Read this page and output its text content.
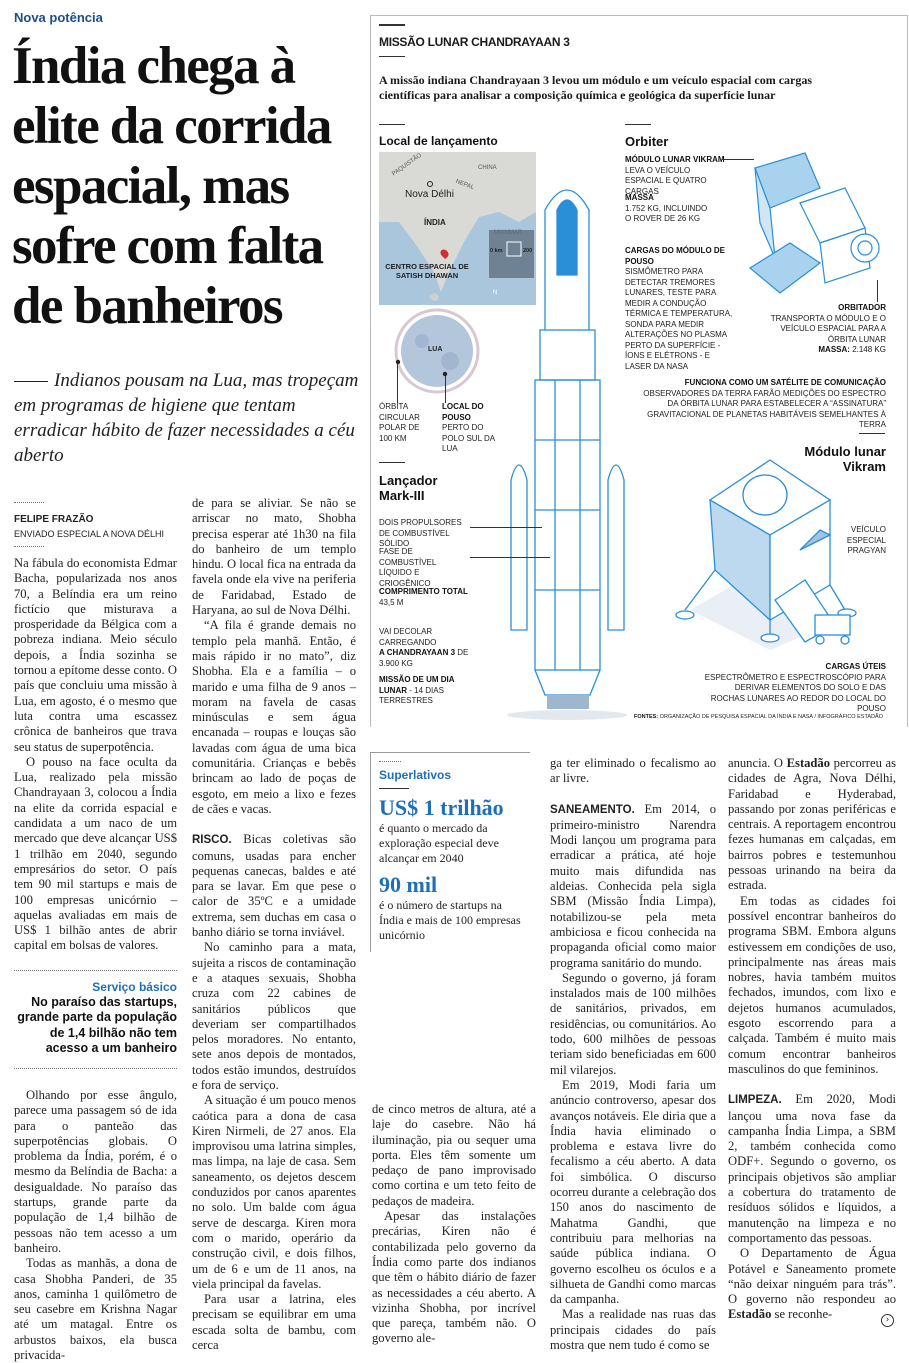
Nova potência
Índia chega à
elite da corrida
espacial, mas
sofre com falta
de banheiros
Indianos pousam na Lua, mas tropeçam em programas de higiene que tentam erradicar hábito de fazer necessidades a céu aberto
FELIPE FRAZÃO
ENVIADO ESPECIAL A NOVA DÉLHI

Na fábula do economista Edmar Bacha, popularizada nos anos 70, a Belíndia era um reino fictício que misturava a prosperidade da Bélgica com a pobreza indiana. Meio século depois, a Índia sozinha se tornou a epítome desse conto. O país que concluiu uma missão à Lua, em agosto, é o mesmo que luta contra uma escassez crônica de banheiros que trava seu status de superpotência.

O pouso na face oculta da Lua, realizado pela missão Chandrayaan 3, colocou a Índia na elite da corrida espacial e candidata a um naco de um mercado que deve alcançar US$ 1 trilhão em 2040, segundo empresários do setor. O país tem 90 mil startups e mais de 100 empresas unicórnio – aquelas avaliadas em mais de US$ 1 bilhão antes de abrir capital em bolsas de valores.

Serviço básico
No paraíso das startups, grande parte da população de 1,4 bilhão não tem acesso a um banheiro

Olhando por esse ângulo, parece uma passagem só de ida para o panteão das superpotências globais. O problema da Índia, porém, é o mesmo da Belíndia de Bacha: a desigualdade. No paraíso das startups, grande parte da população de 1,4 bilhão de pessoas não tem acesso a um banheiro.

Todas as manhãs, a dona de casa Shobha Panderi, de 35 anos, caminha 1 quilômetro de seu casebre em Krishna Nagar até um matagal. Entre os arbustos baixos, ela busca privacida-

de para se aliviar. Se não se arriscar no mato, Shobha precisa esperar até 1h30 na fila do banheiro de um templo hindu. O local fica na entrada da favela onde ela vive na periferia de Faridabad, Estado de Haryana, ao sul de Nova Délhi.

“A fila é grande demais no templo pela manhã. Então, é mais rápido ir no mato”, diz Shobha. Ela e a família – o marido e uma filha de 9 anos – moram na favela de casas minúsculas e sem água encanada – roupas e louças são lavadas com água de uma bica comunitária. Crianças e bebês brincam ao lado de poças de esgoto, em meio a lixo e fezes de cães e vacas.

RISCO. Bicas coletivas são comuns, usadas para encher pequenas canecas, baldes e até para se lavar. Em que pese o calor de 35ºC e a umidade extrema, sem duchas em casa o banho diário se torna inviável.

No caminho para a mata, sujeita a riscos de contaminação e a ataques sexuais, Shobha cruza com 22 cabines de sanitários públicos que deveriam ser compartilhados pelos moradores. No entanto, sete anos depois de montados, todos estão imundos, destruídos e fora de serviço.

A situação é um pouco menos caótica para a dona de casa Kiren Nirmeli, de 27 anos. Ela improvisou uma latrina simples, mas limpa, na laje de casa. Sem saneamento, os dejetos descem conduzidos por canos aparentes no solo. Um balde com água serve de descarga. Kiren mora com o marido, operário da construção civil, e dois filhos, um de 6 e um de 11 anos, na viela principal da favelas.

Para usar a latrina, eles precisam se equilibrar em uma escada solta de bambu, com cerca

Superlativos
US$ 1 trilhão
é quanto o mercado da exploração especial deve alcançar em 2040
90 mil
é o número de startups na Índia e mais de 100 empresas unicórnio

de cinco metros de altura, até a laje do casebre. Não há iluminação, pia ou sequer uma porta. Eles têm somente um pedaço de pano improvisado como cortina e um teto feito de pedaços de madeira.

Apesar das instalações precárias, Kiren não é contabilizada pelo governo da Índia como parte dos indianos que têm o hábito diário de fazer as necessidades a céu aberto. A vizinha Shobha, por incrível que pareça, também não. O governo ale-

ga ter eliminado o fecalismo ao ar livre.

SANEAMENTO. Em 2014, o primeiro-ministro Narendra Modi lançou um programa para erradicar a prática, até hoje muito mais difundida nas aldeias. Conhecida pela sigla SBM (Missão Índia Limpa), notabilizou-se pela meta ambiciosa e ficou conhecida na propaganda oficial como maior programa sanitário do mundo.

Segundo o governo, já foram instalados mais de 100 milhões de sanitários, privados, em residências, ou comunitários. Ao todo, 600 milhões de pessoas teriam sido beneficiadas em 600 mil vilarejos.

Em 2019, Modi faria um anúncio controverso, apesar dos avanços notáveis. Ele diria que a Índia havia eliminado o problema e estava livre do fecalismo a céu aberto. A data foi simbólica. O discurso ocorreu durante a celebração dos 150 anos do nascimento de Mahatma Gandhi, que contribuiu para melhorias na saúde pública indiana. O governo escolheu os óculos e a silhueta de Gandhi como marcas da campanha.

Mas a realidade nas ruas das principais cidades do país mostra que nem tudo é como se

anuncia. O Estadão percorreu as cidades de Agra, Nova Délhi, Faridabad e Hyderabad, passando por zonas periféricas e centrais. A reportagem encontrou fezes humanas em calçadas, em bairros pobres e testemunhou pessoas urinando na beira da estrada.

Em todas as cidades foi possível encontrar banheiros do programa SBM. Embora alguns estivessem em condições de uso, principalmente nas áreas mais nobres, havia também muitos fechados, imundos, com lixo e dejetos humanos acumulados, esgoto escorrendo para a calçada. Também é muito mais comum encontrar banheiros masculinos do que femininos.

LIMPEZA. Em 2020, Modi lançou uma nova fase da campanha Índia Limpa, a SBM 2, também conhecida como ODF+. Segundo o governo, os principais objetivos são ampliar a cobertura do tratamento de resíduos sólidos e líquidos, a manutenção na limpeza e no comportamento das pessoas.

O Departamento de Água Potável e Saneamento promete “não deixar ninguém para trás”. O governo não respondeu ao Estadão se reconhe-	›
MISSÃO LUNAR CHANDRAYAAN 3
A missão indiana Chandrayaan 3 levou um módulo e um veículo espacial com cargas científicas para analisar a composição química e geológica da superfície lunar
Local de lançamento
PAQUISTÃO	CHINA
NEPAL
Nova Délhi
ÍNDIA
MIANMAR
CENTRO ESPACIAL DE SATISH DHAWAN
0 km	200
N
LUA
ÓRBITA CIRCULAR POLAR DE 100 KM
LOCAL DO POUSO
PERTO DO POLO SUL DA LUA
Orbiter
MÓDULO LUNAR VIKRAM
LEVA O VEÍCULO ESPACIAL E QUATRO CARGAS
MASSA
1.752 KG, INCLUINDO O ROVER DE 26 KG
CARGAS DO MÓDULO DE POUSO
SISMÔMETRO PARA DETECTAR TREMORES LUNARES, TESTE PARA MEDIR A CONDUÇÃO TÉRMICA E TEMPERATURA, SONDA PARA MEDIR ALTERAÇÕES NO PLASMA PERTO DA SUPERFÍCIE - ÍONS E ELÉTRONS - E LASER DA NASA
ORBITADOR
TRANSPORTA O MÓDULO E O VEÍCULO ESPACIAL PARA A ÓRBITA LUNAR
MASSA: 2.148 KG
FUNCIONA COMO UM SATÉLITE DE COMUNICAÇÃO
OBSERVADORES DA TERRA FARÃO MEDIÇÕES DO ESPECTRO DA ÓRBITA LUNAR PARA ESTABELECER A “ASSINATURA” GRAVITACIONAL DE PLANETAS HABITÁVEIS SEMELHANTES À TERRA
Lançador Mark-III
DOIS PROPULSORES DE COMBUSTÍVEL SÓLIDO
FASE DE COMBUSTÍVEL LÍQUIDO E CRIOGÊNICO
COMPRIMENTO TOTAL
43,5 M
VAI DECOLAR CARREGANDO
A CHANDRAYAAN 3 DE 3.900 KG
MISSÃO DE UM DIA LUNAR - 14 DIAS TERRESTRES
Módulo lunar Vikram
VEÍCULO ESPECIAL PRAGYAN
CARGAS ÚTEIS
ESPECTRÔMETRO E ESPECTROSCÓPIO PARA DERIVAR ELEMENTOS DO SOLO E DAS ROCHAS LUNARES AO REDOR DO LOCAL DO POUSO
FONTES: ORGANIZAÇÃO DE PESQUISA ESPACIAL DA ÍNDIA E NASA / INFOGRÁFICO ESTADÃO
